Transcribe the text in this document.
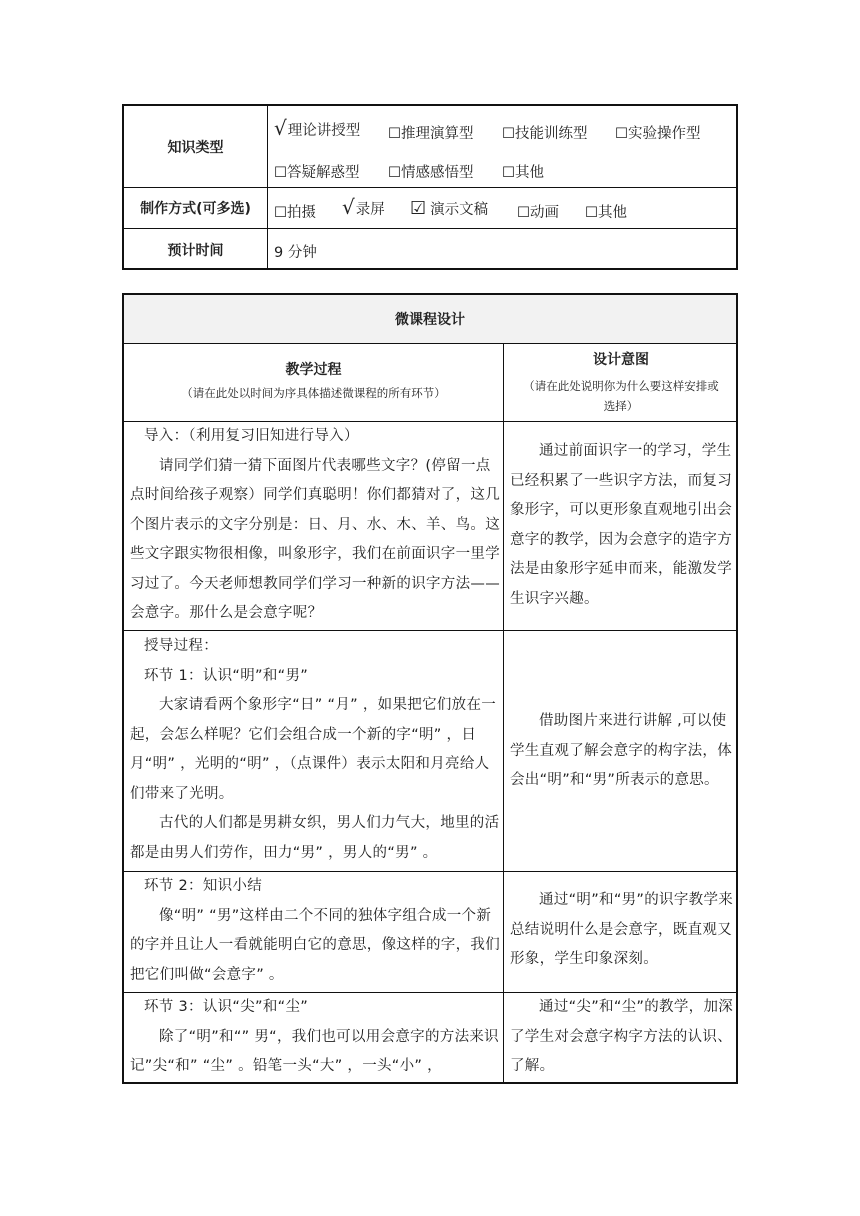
知识类型
√理论讲授型 ☐推理演算型 ☐技能训练型 ☐实验操作型
☐答疑解惑型 ☐情感感悟型 ☐其他
制作方式(可多选)	☐拍摄 √录屏 ☑ 演示文稿 ☐动画 ☐其他
预计时间	9 分钟
微课程设计
教学过程
（请在此处以时间为序具体描述微课程的所有环节）
设计意图
（请在此处说明你为什么要这样安排或
选择）

导入：（利用复习旧知进行导入）

请同学们猜一猜下面图片代表哪些文字？(停留一点点时间给孩子观察）同学们真聪明！你们都猜对了，这几个图片表示的文字分别是：日、月、水、木、羊、鸟。这些文字跟实物很相像，叫象形字，我们在前面识字一里学习过了。今天老师想教同学们学习一种新的识字方法——会意字。那什么是会意字呢？

通过前面识字一的学习，学生已经积累了一些识字方法，而复习象形字，可以更形象直观地引出会意字的教学，因为会意字的造字方法是由象形字延申而来，能激发学生识字兴趣。

授导过程：

环节 1：认识“明”和“男”

大家请看两个象形字“日” “月” ，如果把它们放在一起，会怎么样呢？它们会组合成一个新的字“明” ，日月“明” ，光明的“明” ，（点课件）表示太阳和月亮给人们带来了光明。

古代的人们都是男耕女织，男人们力气大，地里的活都是由男人们劳作，田力“男” ，男人的“男” 。

借助图片来进行讲解 ,可以使学生直观了解会意字的构字法，体会出“明”和“男”所表示的意思。

环节 2：知识小结

像“明” “男”这样由二个不同的独体字组合成一个新的字并且让人一看就能明白它的意思，像这样的字，我们把它们叫做“会意字” 。

通过“明”和“男”的识字教学来总结说明什么是会意字，既直观又形象，学生印象深刻。

环节 3：认识“尖”和“尘”

除了“明”和“” 男“，我们也可以用会意字的方法来识记”尖“和” “尘” 。铅笔一头“大” ，一头“小” ，

通过“尖”和“尘”的教学，加深了学生对会意字构字方法的认识、了解。
